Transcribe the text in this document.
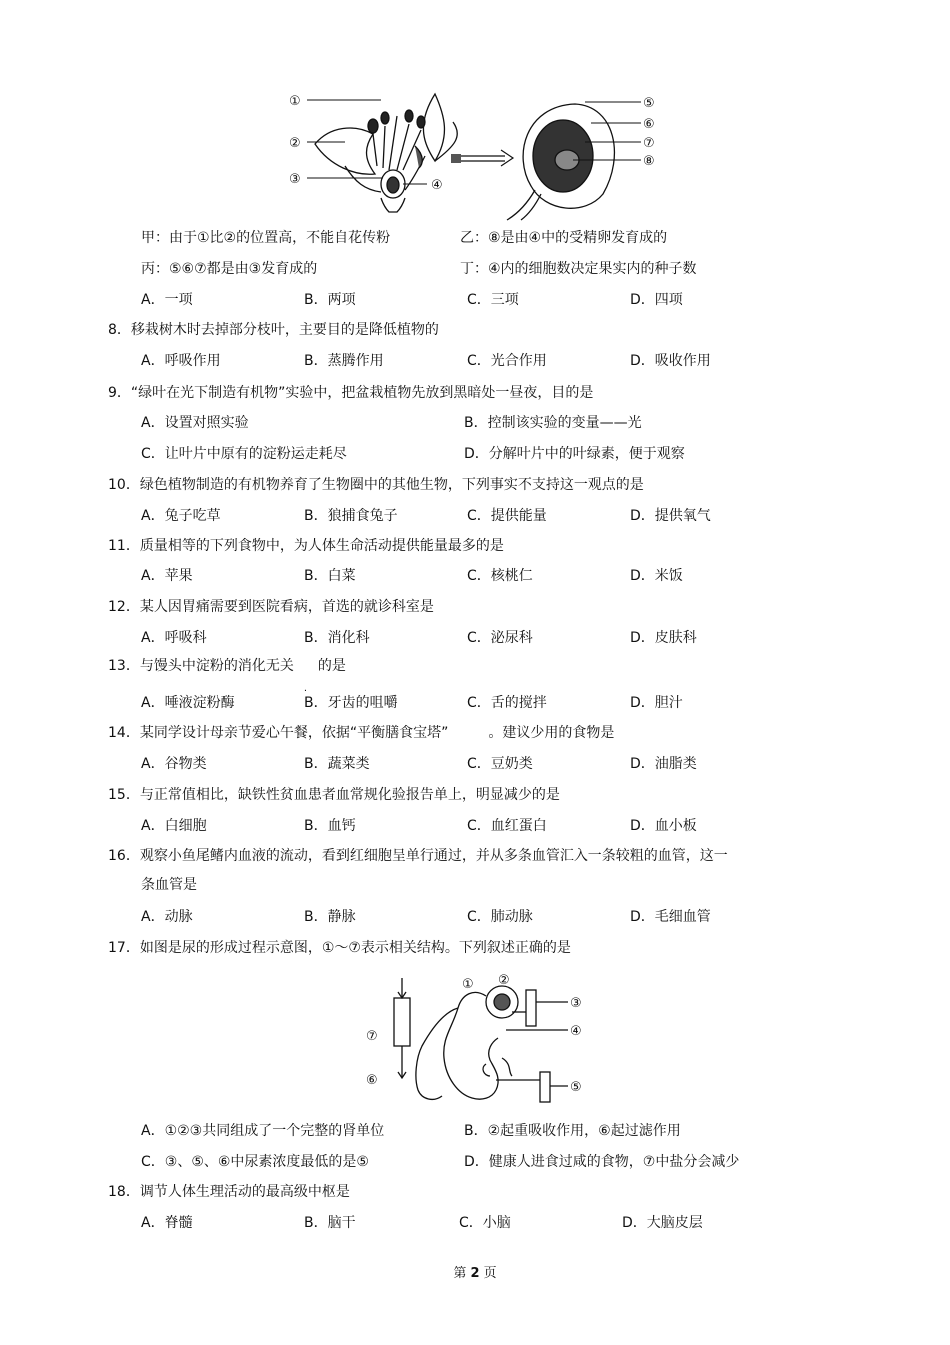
①
②
③	④
⑤
⑥
⑦
⑧
甲：由于①比②的位置高，不能自花传粉	乙：⑧是由④中的受精卵发育成的
丙：⑤⑥⑦都是由③发育成的	丁：④内的细胞数决定果实内的种子数
A．一项	B．两项	C．三项	D．四项
8．移栽树木时去掉部分枝叶，主要目的是降低植物的
A．呼吸作用	B．蒸腾作用	C．光合作用	D．吸收作用
9．“绿叶在光下制造有机物”实验中，把盆栽植物先放到黑暗处一昼夜，目的是
A．设置对照实验	B．控制该实验的变量——光
C．让叶片中原有的淀粉运走耗尽	D．分解叶片中的叶绿素，便于观察
10．绿色植物制造的有机物养育了生物圈中的其他生物，下列事实不支持这一观点的是
A．兔子吃草	B．狼捕食兔子	C．提供能量	D．提供氧气
11．质量相等的下列食物中，为人体生命活动提供能量最多的是
A．苹果	B．白菜	C．核桃仁	D．米饭
12．某人因胃痛需要到医院看病，首选的就诊科室是
A．呼吸科	B．消化科	C．泌尿科	D．皮肤科
13．与馒头中淀粉的消化无关
.
的是
A．唾液淀粉酶	B．牙齿的咀嚼	C．舌的搅拌	D．胆汁
14．某同学设计母亲节爱心午餐，依据“平衡膳食宝塔”	。建议少用的食物是
A．谷物类	B．蔬菜类	C．豆奶类	D．油脂类
15．与正常值相比，缺铁性贫血患者血常规化验报告单上，明显减少的是
A．白细胞	B．血钙	C．血红蛋白	D．血小板
16．观察小鱼尾鳍内血液的流动，看到红细胞呈单行通过，并从多条血管汇入一条较粗的血管，这一
条血管是
A．动脉	B．静脉	C．肺动脉	D．毛细血管
17．如图是尿的形成过程示意图，①～⑦表示相关结构。下列叙述正确的是
① ②
③
④
⑤
⑥
⑦
A．①②③共同组成了一个完整的肾单位	B．②起重吸收作用，⑥起过滤作用
C．③、⑤、⑥中尿素浓度最低的是⑤	D．健康人进食过咸的食物，⑦中盐分会减少
18．调节人体生理活动的最高级中枢是
A．脊髓	B．脑干	C．小脑	D．大脑皮层
第 2 页
